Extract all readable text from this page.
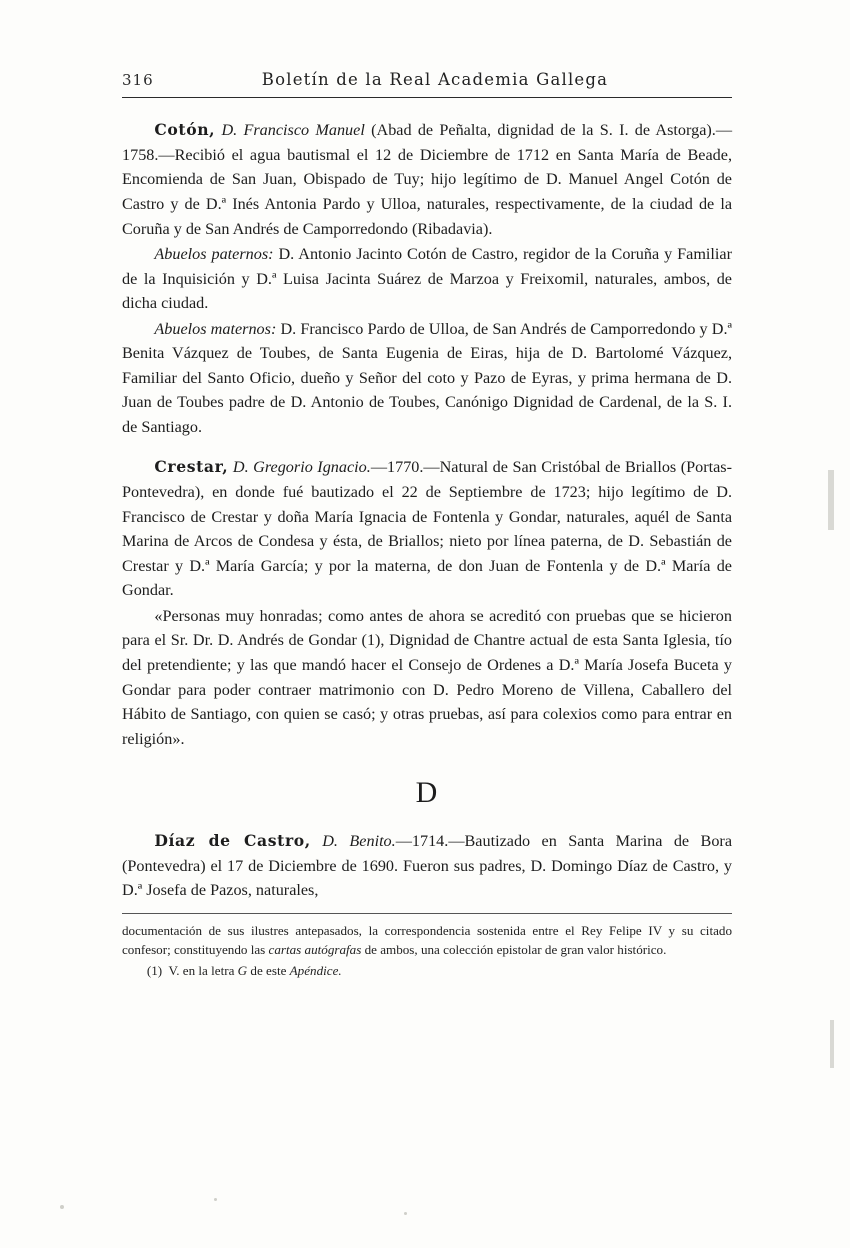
316	Boletín de la Real Academia Gallega

Cotón, D. Francisco Manuel (Abad de Peñalta, dignidad de la S. I. de Astorga).—1758.—Recibió el agua bautismal el 12 de Diciembre de 1712 en Santa María de Beade, Encomienda de San Juan, Obispado de Tuy; hijo legítimo de D. Manuel Angel Cotón de Castro y de D.ª Inés Antonia Pardo y Ulloa, naturales, respectivamente, de la ciudad de la Coruña y de San Andrés de Camporredondo (Ribadavia).

Abuelos paternos: D. Antonio Jacinto Cotón de Castro, regidor de la Coruña y Familiar de la Inquisición y D.ª Luisa Jacinta Suárez de Marzoa y Freixomil, naturales, ambos, de dicha ciudad.

Abuelos maternos: D. Francisco Pardo de Ulloa, de San Andrés de Camporredondo y D.ª Benita Vázquez de Toubes, de Santa Eugenia de Eiras, hija de D. Bartolomé Vázquez, Familiar del Santo Oficio, dueño y Señor del coto y Pazo de Eyras, y prima hermana de D. Juan de Toubes padre de D. Antonio de Toubes, Canónigo Dignidad de Cardenal, de la S. I. de Santiago.

Crestar, D. Gregorio Ignacio.—1770.—Natural de San Cristóbal de Briallos (Portas-Pontevedra), en donde fué bautizado el 22 de Septiembre de 1723; hijo legítimo de D. Francisco de Crestar y doña María Ignacia de Fontenla y Gondar, naturales, aquél de Santa Marina de Arcos de Condesa y ésta, de Briallos; nieto por línea paterna, de D. Sebastián de Crestar y D.ª María García; y por la materna, de don Juan de Fontenla y de D.ª María de Gondar.

«Personas muy honradas; como antes de ahora se acreditó con pruebas que se hicieron para el Sr. Dr. D. Andrés de Gondar (1), Dignidad de Chantre actual de esta Santa Iglesia, tío del pretendiente; y las que mandó hacer el Consejo de Ordenes a D.ª María Josefa Buceta y Gondar para poder contraer matrimonio con D. Pedro Moreno de Villena, Caballero del Hábito de Santiago, con quien se casó; y otras pruebas, así para colexios como para entrar en religión».

D

Díaz de Castro, D. Benito.—1714.—Bautizado en Santa Marina de Bora (Pontevedra) el 17 de Diciembre de 1690. Fueron sus padres, D. Domingo Díaz de Castro, y D.ª Josefa de Pazos, naturales,

documentación de sus ilustres antepasados, la correspondencia sostenida entre el Rey Felipe IV y su citado confesor; constituyendo las cartas autógrafas de ambos, una colección epistolar de gran valor histórico.

(1)  V. en la letra G de este Apéndice.
